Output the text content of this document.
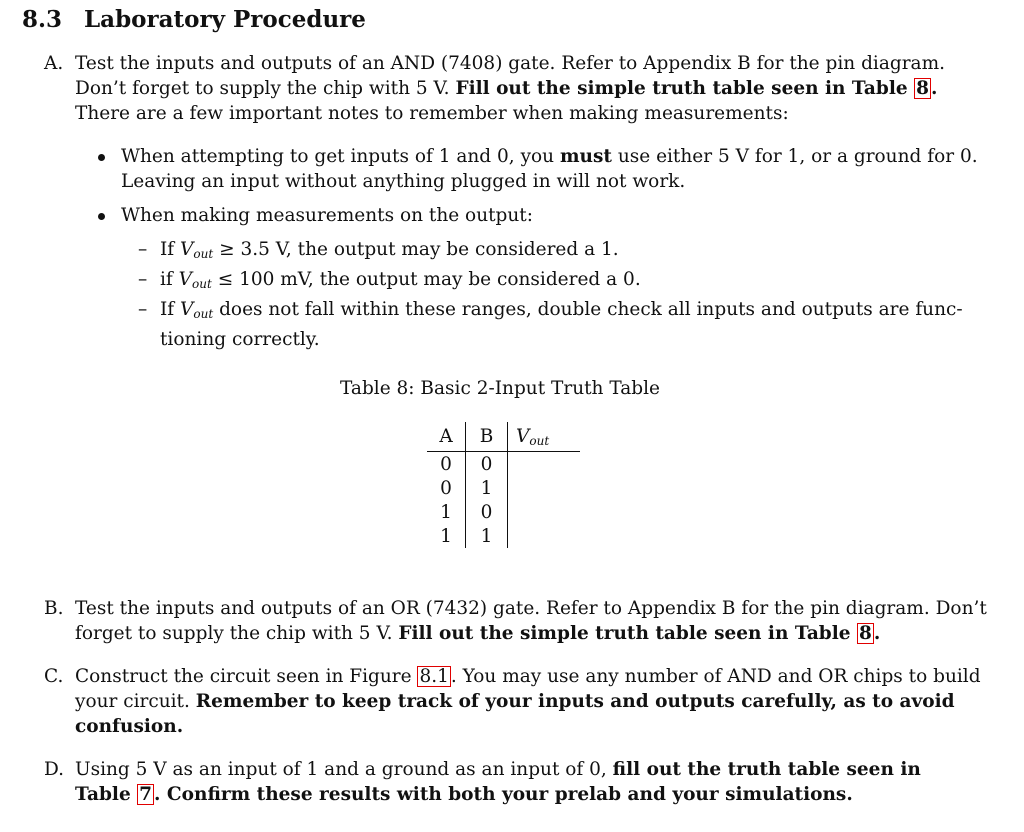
8.3 Laboratory Procedure
A. Test the inputs and outputs of an AND (7408) gate. Refer to Appendix B for the pin diagram.
Don’t forget to supply the chip with 5 V. Fill out the simple truth table seen in Table 8 .
There are a few important notes to remember when making measurements:
When attempting to get inputs of 1 and 0, you must use either 5 V for 1, or a ground for 0.
Leaving an input without anything plugged in will not work.
When making measurements on the output:
– If $V_{out} \ge 3.5$ V, the output may be considered a 1.
– if $V_{out} \le 100$ mV, the output may be considered a 0.
– If $V_{out}$ does not fall within these ranges, double check all inputs and outputs are func-
tioning correctly.
Table 8: Basic 2-Input Truth Table
A	B	$V_{out}$
0	0	
0	1	
1	0	
1	1	
B. Test the inputs and outputs of an OR (7432) gate. Refer to Appendix B for the pin diagram. Don’t
forget to supply the chip with 5 V. Fill out the simple truth table seen in Table 8 .
C. Construct the circuit seen in Figure 8.1 . You may use any number of AND and OR chips to build
your circuit. Remember to keep track of your inputs and outputs carefully, as to avoid
confusion.
D. Using 5 V as an input of 1 and a ground as an input of 0, fill out the truth table seen in
Table 7 . Confirm these results with both your prelab and your simulations.
